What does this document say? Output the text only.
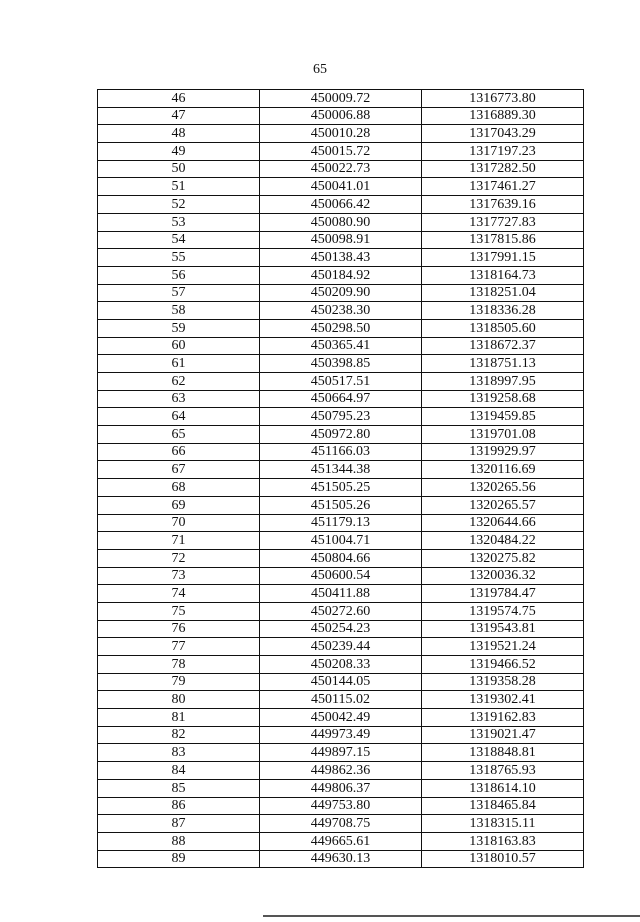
65
46	450009.72	1316773.80
47	450006.88	1316889.30
48	450010.28	1317043.29
49	450015.72	1317197.23
50	450022.73	1317282.50
51	450041.01	1317461.27
52	450066.42	1317639.16
53	450080.90	1317727.83
54	450098.91	1317815.86
55	450138.43	1317991.15
56	450184.92	1318164.73
57	450209.90	1318251.04
58	450238.30	1318336.28
59	450298.50	1318505.60
60	450365.41	1318672.37
61	450398.85	1318751.13
62	450517.51	1318997.95
63	450664.97	1319258.68
64	450795.23	1319459.85
65	450972.80	1319701.08
66	451166.03	1319929.97
67	451344.38	1320116.69
68	451505.25	1320265.56
69	451505.26	1320265.57
70	451179.13	1320644.66
71	451004.71	1320484.22
72	450804.66	1320275.82
73	450600.54	1320036.32
74	450411.88	1319784.47
75	450272.60	1319574.75
76	450254.23	1319543.81
77	450239.44	1319521.24
78	450208.33	1319466.52
79	450144.05	1319358.28
80	450115.02	1319302.41
81	450042.49	1319162.83
82	449973.49	1319021.47
83	449897.15	1318848.81
84	449862.36	1318765.93
85	449806.37	1318614.10
86	449753.80	1318465.84
87	449708.75	1318315.11
88	449665.61	1318163.83
89	449630.13	1318010.57
